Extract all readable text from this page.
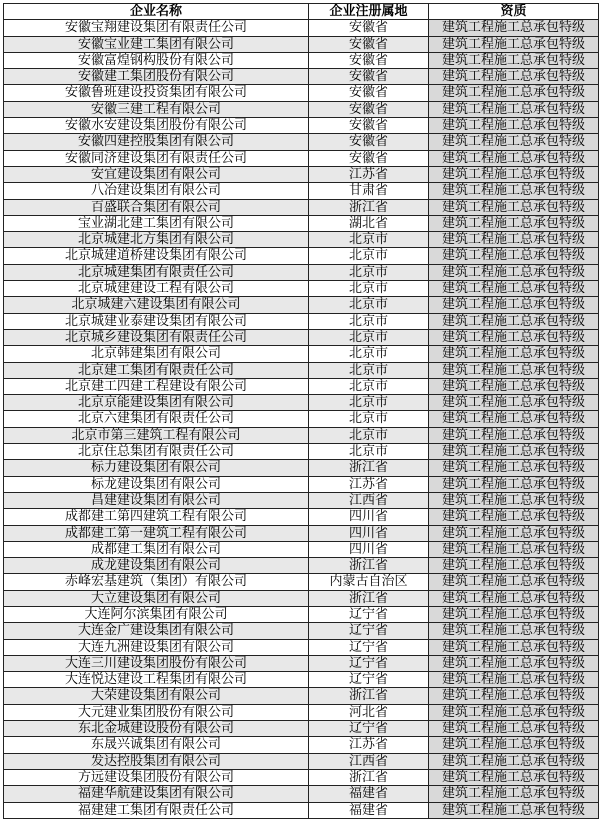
企业名称	企业注册属地	资质
安徽宝翔建设集团有限责任公司	安徽省	建筑工程施工总承包特级
安徽宝业建工集团有限公司	安徽省	建筑工程施工总承包特级
安徽富煌钢构股份有限公司	安徽省	建筑工程施工总承包特级
安徽建工集团股份有限公司	安徽省	建筑工程施工总承包特级
安徽鲁班建设投资集团有限公司	安徽省	建筑工程施工总承包特级
安徽三建工程有限公司	安徽省	建筑工程施工总承包特级
安徽水安建设集团股份有限公司	安徽省	建筑工程施工总承包特级
安徽四建控股集团有限公司	安徽省	建筑工程施工总承包特级
安徽同济建设集团有限责任公司	安徽省	建筑工程施工总承包特级
安宜建设集团有限公司	江苏省	建筑工程施工总承包特级
八冶建设集团有限公司	甘肃省	建筑工程施工总承包特级
百盛联合集团有限公司	浙江省	建筑工程施工总承包特级
宝业湖北建工集团有限公司	湖北省	建筑工程施工总承包特级
北京城建北方集团有限公司	北京市	建筑工程施工总承包特级
北京城建道桥建设集团有限公司	北京市	建筑工程施工总承包特级
北京城建集团有限责任公司	北京市	建筑工程施工总承包特级
北京城建建设工程有限公司	北京市	建筑工程施工总承包特级
北京城建六建设集团有限公司	北京市	建筑工程施工总承包特级
北京城建业泰建设集团有限公司	北京市	建筑工程施工总承包特级
北京城乡建设集团有限责任公司	北京市	建筑工程施工总承包特级
北京韩建集团有限公司	北京市	建筑工程施工总承包特级
北京建工集团有限责任公司	北京市	建筑工程施工总承包特级
北京建工四建工程建设有限公司	北京市	建筑工程施工总承包特级
北京京能建设集团有限公司	北京市	建筑工程施工总承包特级
北京六建集团有限责任公司	北京市	建筑工程施工总承包特级
北京市第三建筑工程有限公司	北京市	建筑工程施工总承包特级
北京住总集团有限责任公司	北京市	建筑工程施工总承包特级
标力建设集团有限公司	浙江省	建筑工程施工总承包特级
标龙建设集团有限公司	江苏省	建筑工程施工总承包特级
昌建建设集团有限公司	江西省	建筑工程施工总承包特级
成都建工第四建筑工程有限公司	四川省	建筑工程施工总承包特级
成都建工第一建筑工程有限公司	四川省	建筑工程施工总承包特级
成都建工集团有限公司	四川省	建筑工程施工总承包特级
成龙建设集团有限公司	浙江省	建筑工程施工总承包特级
赤峰宏基建筑（集团）有限公司	内蒙古自治区	建筑工程施工总承包特级
大立建设集团有限公司	浙江省	建筑工程施工总承包特级
大连阿尔滨集团有限公司	辽宁省	建筑工程施工总承包特级
大连金广建设集团有限公司	辽宁省	建筑工程施工总承包特级
大连九洲建设集团有限公司	辽宁省	建筑工程施工总承包特级
大连三川建设集团股份有限公司	辽宁省	建筑工程施工总承包特级
大连悦达建设工程集团有限公司	辽宁省	建筑工程施工总承包特级
大荣建设集团有限公司	浙江省	建筑工程施工总承包特级
大元建业集团股份有限公司	河北省	建筑工程施工总承包特级
东北金城建设股份有限公司	辽宁省	建筑工程施工总承包特级
东晟兴诚集团有限公司	江苏省	建筑工程施工总承包特级
发达控股集团有限公司	江西省	建筑工程施工总承包特级
方远建设集团股份有限公司	浙江省	建筑工程施工总承包特级
福建华航建设集团有限公司	福建省	建筑工程施工总承包特级
福建建工集团有限责任公司	福建省	建筑工程施工总承包特级
